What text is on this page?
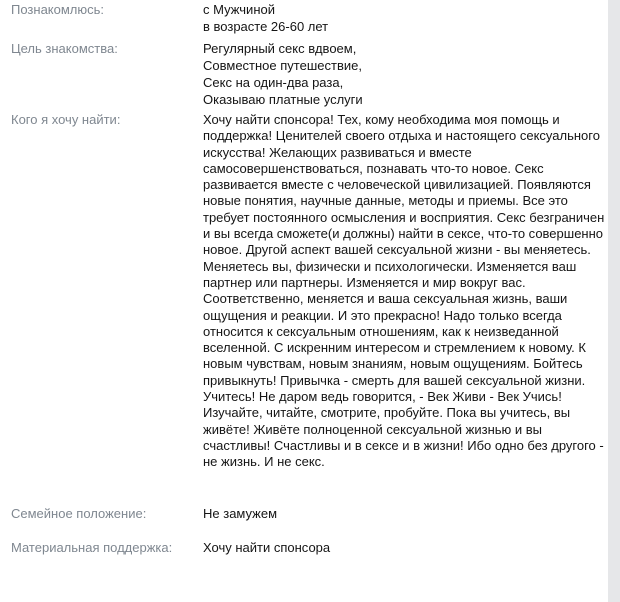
Познакомлюсь:	с Мужчиной
в возрасте 26-60 лет
Цель знакомства:	Регулярный секс вдвоем,
Совместное путешествие,
Секс на один-два раза,
Оказываю платные услуги
Кого я хочу найти:	Хочу найти спонсора! Тех, кому необходима моя помощь и поддержка! Ценителей своего отдыха и настоящего сексуального искусства! Желающих развиваться и вместе самосовершенствоваться, познавать что-то новое. Секс развивается вместе с человеческой цивилизацией. Появляются новые понятия, научные данные, методы и приемы. Все это требует постоянного осмысления и восприятия. Секс безграничен и вы всегда сможете(и должны) найти в сексе, что-то совершенно новое. Другой аспект вашей сексуальной жизни - вы меняетесь. Меняетесь вы, физически и психологически. Изменяется ваш партнер или партнеры. Изменяется и мир вокруг вас. Соответственно, меняется и ваша сексуальная жизнь, ваши ощущения и реакции. И это прекрасно! Надо только всегда относится к сексуальным отношениям, как к неизведанной вселенной. С искренним интересом и стремлением к новому. К новым чувствам, новым знаниям, новым ощущениям. Бойтесь привыкнуть! Привычка - смерть для вашей сексуальной жизни. Учитесь! Не даром ведь говорится, - Век Живи - Век Учись! Изучайте, читайте, смотрите, пробуйте. Пока вы учитесь, вы живёте! Живёте полноценной сексуальной жизнью и вы счастливы! Счастливы и в сексе и в жизни! Ибо одно без другого - не жизнь. И не секс.
Семейное положение:	Не замужем
Материальная поддержка:	Хочу найти спонсора
